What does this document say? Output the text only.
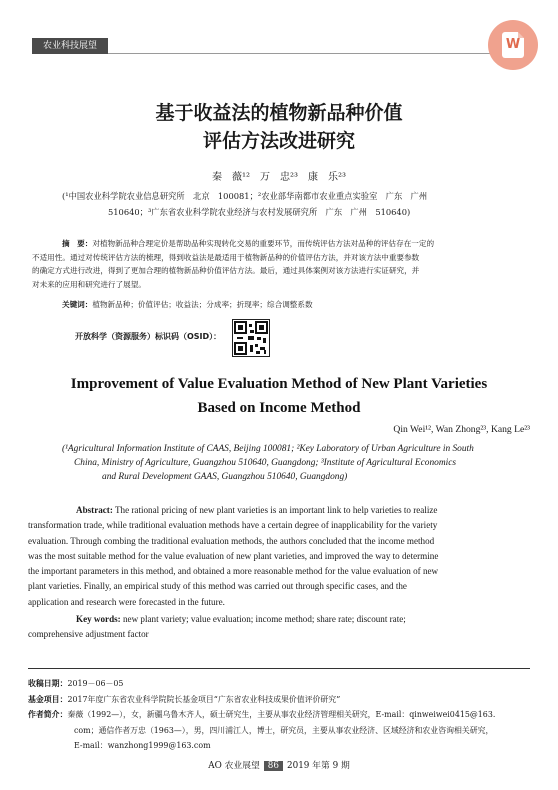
农业科技展望	W
基于收益法的植物新品种价值
评估方法改进研究
秦　薇¹²　万　忠²³　康　乐²³
(¹中国农业科学院农业信息研究所　北京　100081；²农业部华南都市农业重点实验室　广东　广州
510640；³广东省农业科学院农业经济与农村发展研究所　广东　广州　510640)
摘　要：对植物新品种合理定价是帮助品种实现转化交易的重要环节，而传统评估方法对品种的评估存在一定的
不适用性。通过对传统评估方法的梳理，得到收益法是最适用于植物新品种的价值评估方法，并对该方法中重要参数
的确定方式进行改进，得到了更加合理的植物新品种价值评估方法。最后，通过具体案例对该方法进行实证研究，并
对未来的应用和研究进行了展望。
关键词：植物新品种；价值评估；收益法；分成率；折现率；综合调整系数
开放科学（资源服务）标识码（OSID）：
Improvement of Value Evaluation Method of New Plant Varieties
Based on Income Method
Qin Wei¹², Wan Zhong²³, Kang Le²³
(¹Agricultural Information Institute of CAAS, Beijing 100081; ²Key Laboratory of Urban Agriculture in South
China, Ministry of Agriculture, Guangzhou 510640, Guangdong; ³Institute of Agricultural Economics
and Rural Development GAAS, Guangzhou 510640, Guangdong)
Abstract: The rational pricing of new plant varieties is an important link to help varieties to realize
transformation trade, while traditional evaluation methods have a certain degree of inapplicability for the variety
evaluation. Through combing the traditional evaluation methods, the authors concluded that the income method
was the most suitable method for the value evaluation of new plant varieties, and improved the way to determine
the important parameters in this method, and obtained a more reasonable method for the value evaluation of new
plant varieties. Finally, an empirical study of this method was carried out through specific cases, and the
application and research were forecasted in the future.
Key words: new plant variety; value evaluation; income method; share rate; discount rate;
comprehensive adjustment factor
收稿日期：2019－06－05
基金项目：2017年度广东省农业科学院院长基金项目“广东省农业科技成果价值评价研究”
作者简介：秦薇（1992—），女，新疆乌鲁木齐人，硕士研究生，主要从事农业经济管理相关研究，E-mail：qinweiwei0415@163.
com；通信作者万忠（1963—），男，四川浦江人，博士，研究员，主要从事农业经济、区域经济和农业咨询相关研究，
E-mail：wanzhong1999@163.com
AO 农业展望 86 2019 年第 9 期
